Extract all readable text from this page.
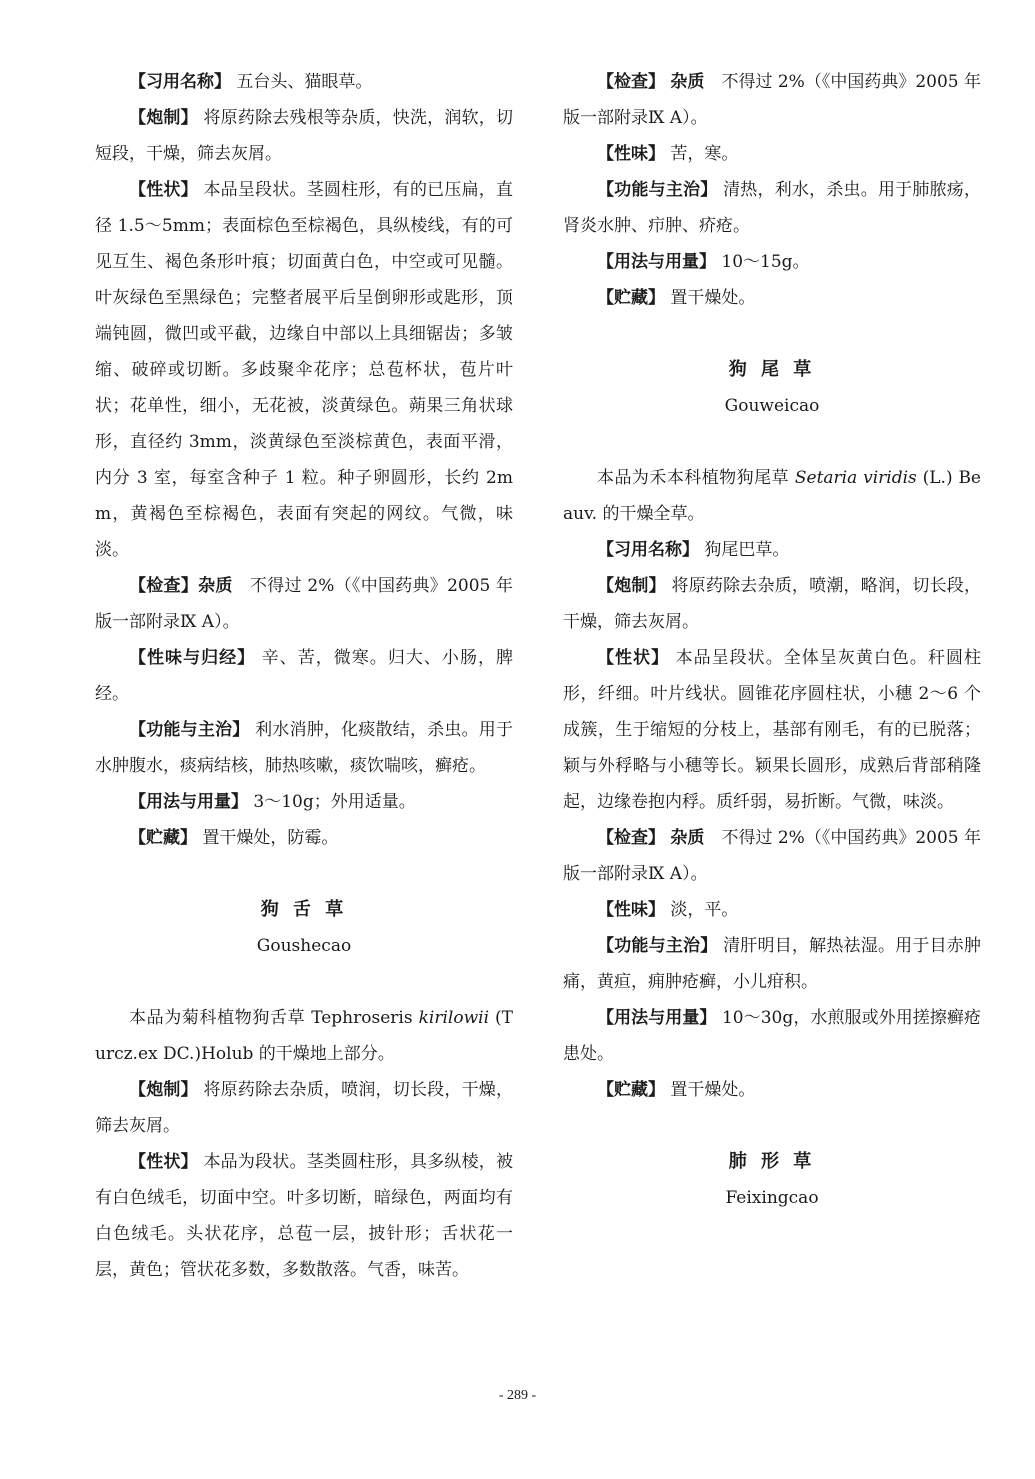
【习用名称】 五台头、猫眼草。

【炮制】 将原药除去残根等杂质，快洗，润软，切短段，干燥，筛去灰屑。

【性状】 本品呈段状。茎圆柱形，有的已压扁，直径 1.5～5mm；表面棕色至棕褐色，具纵棱线，有的可见互生、褐色条形叶痕；切面黄白色，中空或可见髓。叶灰绿色至黑绿色；完整者展平后呈倒卵形或匙形，顶端钝圆，微凹或平截，边缘自中部以上具细锯齿；多皱缩、破碎或切断。多歧聚伞花序；总苞杯状，苞片叶状；花单性，细小，无花被，淡黄绿色。蒴果三角状球形，直径约 3mm，淡黄绿色至淡棕黄色，表面平滑，内分 3 室，每室含种子 1 粒。种子卵圆形，长约 2mm，黄褐色至棕褐色，表面有突起的网纹。气微，味淡。

【检查】杂质　 不得过 2%（《中国药典》2005 年版一部附录Ⅸ A）。

【性味与归经】 辛、苦，微寒。归大、小肠，脾经。

【功能与主治】 利水消肿，化痰散结，杀虫。用于水肿腹水，痰病结核，肺热咳嗽，痰饮喘咳，癣疮。

【用法与用量】 3～10g；外用适量。

【贮藏】 置干燥处，防霉。

狗 舌 草

Goushecao

本品为菊科植物狗舌草 Tephroseris kirilowii (Turcz.ex DC.)Holub 的干燥地上部分。

【炮制】 将原药除去杂质，喷润，切长段，干燥，筛去灰屑。

【性状】 本品为段状。茎类圆柱形，具多纵棱，被有白色绒毛，切面中空。叶多切断，暗绿色，两面均有白色绒毛。头状花序，总苞一层，披针形；舌状花一层，黄色；管状花多数，多数散落。气香，味苦。

【检查】 杂质　 不得过 2%（《中国药典》2005 年版一部附录Ⅸ A）。

【性味】 苦，寒。

【功能与主治】 清热，利水，杀虫。用于肺脓疡，肾炎水肿、疖肿、疥疮。

【用法与用量】 10～15g。

【贮藏】 置干燥处。

狗 尾 草

Gouweicao

本品为禾本科植物狗尾草 Setaria viridis (L.) Beauv. 的干燥全草。

【习用名称】 狗尾巴草。

【炮制】 将原药除去杂质，喷潮，略润，切长段，干燥，筛去灰屑。

【性状】 本品呈段状。全体呈灰黄白色。秆圆柱形，纤细。叶片线状。圆锥花序圆柱状，小穗 2～6 个成簇，生于缩短的分枝上，基部有刚毛，有的已脱落；颖与外稃略与小穗等长。颖果长圆形，成熟后背部稍隆起，边缘卷抱内稃。质纤弱，易折断。气微，味淡。

【检查】 杂质　 不得过 2%（《中国药典》2005 年版一部附录Ⅸ A）。

【性味】 淡，平。

【功能与主治】 清肝明目，解热祛湿。用于目赤肿痛，黄疸，痈肿疮癣，小儿疳积。

【用法与用量】 10～30g，水煎服或外用搓擦癣疮患处。

【贮藏】 置干燥处。

肺 形 草

Feixingcao

- 289 -
